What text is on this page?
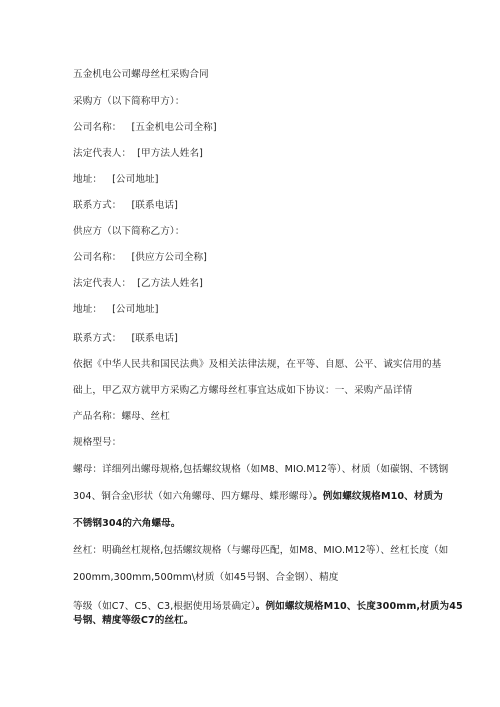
五金机电公司螺母丝杠采购合同
采购方（以下简称甲方）：
公司名称： [五金机电公司全称]
法定代表人： [甲方法人姓名]
地址： [公司地址]
联系方式： [联系电话]
供应方（以下简称乙方）：
公司名称： [供应方公司全称]
法定代表人： [乙方法人姓名]
地址： [公司地址]
联系方式： [联系电话]
依据《中华人民共和国民法典》及相关法律法规，在平等、自愿、公平、诚实信用的基
础上，甲乙双方就甲方采购乙方螺母丝杠事宜达成如下协议：一、采购产品详情
产品名称：螺母、丝杠
规格型号：
螺母：详细列出螺母规格,包括螺纹规格（如M8、MIO.M12等）、材质（如碳钢、不锈钢
304、铜合金\形状（如六角螺母、四方螺母、蝶形螺母）。例如螺纹规格M10、材质为
不锈钢304的六角螺母。
丝杠：明确丝杠规格,包括螺纹规格（与螺母匹配，如M8、MIO.M12等）、丝杠长度（如
200mm,300mm,500mm\材质（如45号钢、合金钢）、精度
等级（如C7、C5、C3,根据使用场景确定）。例如螺纹规格M10、长度300mm,材质为45
号钢、精度等级C7的丝杠。
